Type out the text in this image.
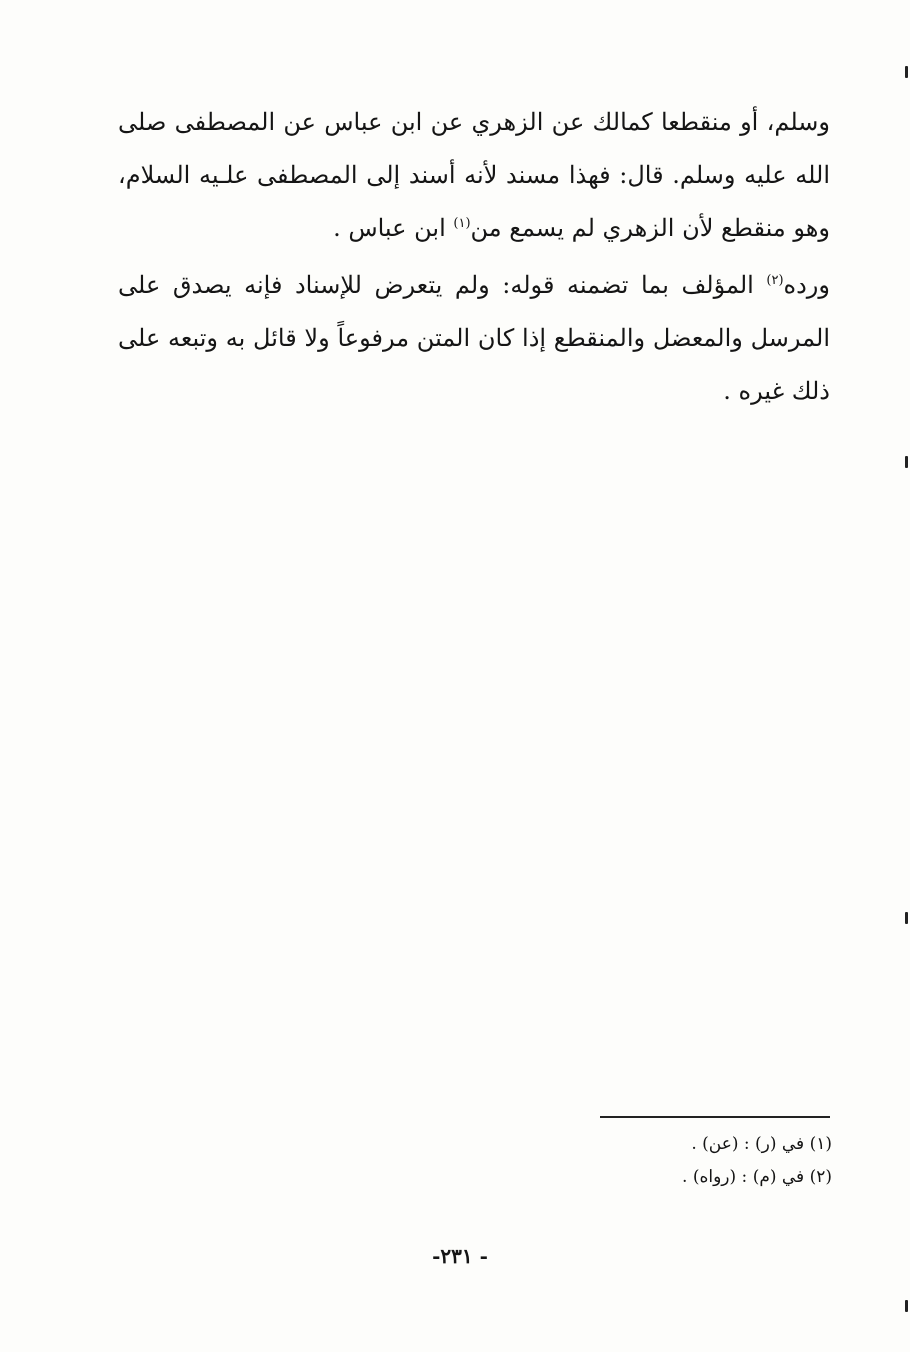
وسلم، أو منقطعا كمالك عن الزهري عن ابن عباس عن المصطفى صلى الله عليه وسلم. قال: فهذا مسند لأنه أسند إلى المصطفى علـيه السلام، وهو منقطع لأن الزهري لم يسمع من$^{(١)}$ ابن عباس .

ورده$^{(٢)}$ المؤلف بما تضمنه قوله: ولم يتعرض للإسناد فإنه يصدق على المرسل والمعضل والمنقطع إذا كان المتن مرفوعاً ولا قائل به وتبعه على ذلك غيره .

(١) في (ر) : (عن) .
(٢) في (م) : (رواه) .
- ٢٣١-
